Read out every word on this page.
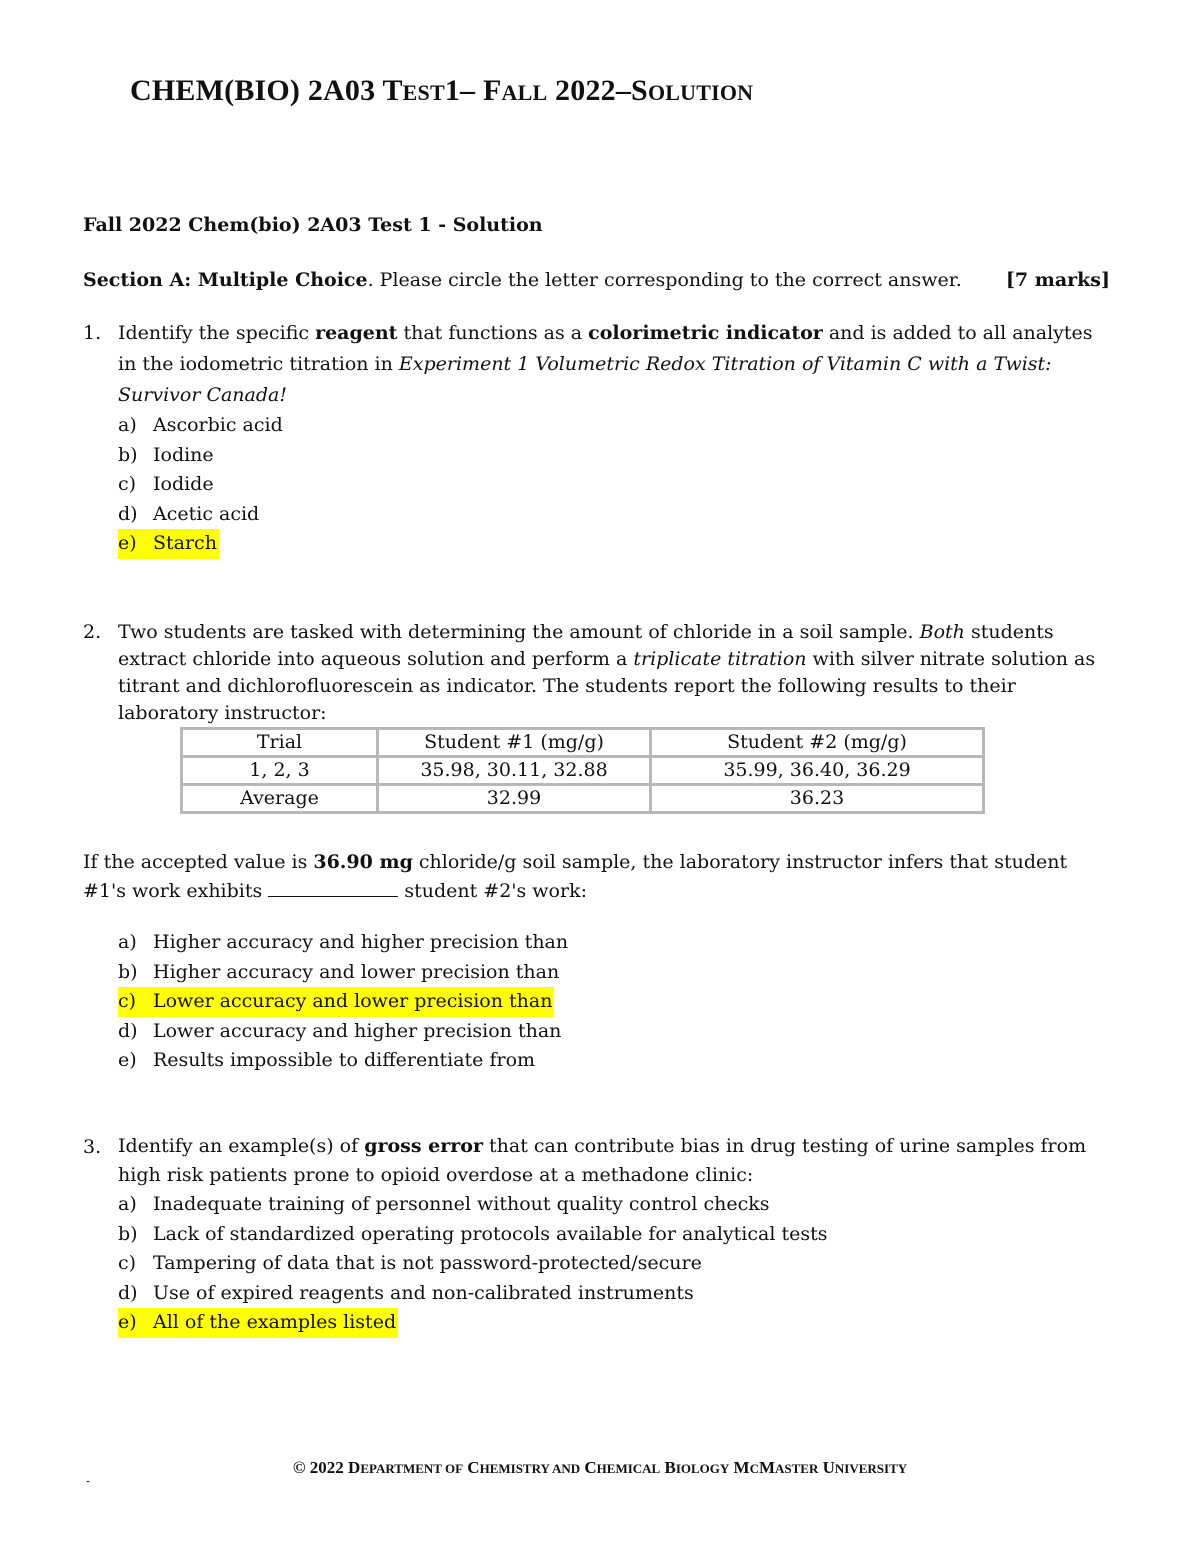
CHEM(BIO) 2A03 TEST1– FALL 2022–SOLUTION
Fall 2022 Chem(bio) 2A03 Test 1 - Solution
Section A: Multiple Choice. Please circle the letter corresponding to the correct answer. [7 marks]
1. Identify the specific reagent that functions as a colorimetric indicator and is added to all analytes in the iodometric titration in Experiment 1 Volumetric Redox Titration of Vitamin C with a Twist: Survivor Canada!
a) Ascorbic acid
b) Iodine
c) Iodide
d) Acetic acid
e) Starch
2. Two students are tasked with determining the amount of chloride in a soil sample. Both students extract chloride into aqueous solution and perform a triplicate titration with silver nitrate solution as titrant and dichlorofluorescein as indicator. The students report the following results to their laboratory instructor:
Trial	Student #1 (mg/g)	Student #2 (mg/g)
1, 2, 3	35.98, 30.11, 32.88	35.99, 36.40, 36.29
Average	32.99	36.23
If the accepted value is 36.90 mg chloride/g soil sample, the laboratory instructor infers that student #1's work exhibits	student #2's work:
a) Higher accuracy and higher precision than
b) Higher accuracy and lower precision than
c) Lower accuracy and lower precision than
d) Lower accuracy and higher precision than
e) Results impossible to differentiate from
3. Identify an example(s) of gross error that can contribute bias in drug testing of urine samples from high risk patients prone to opioid overdose at a methadone clinic:
a) Inadequate training of personnel without quality control checks
b) Lack of standardized operating protocols available for analytical tests
c) Tampering of data that is not password-protected/secure
d) Use of expired reagents and non-calibrated instruments
e) All of the examples listed
© 2022 DEPARTMENT OF CHEMISTRY AND CHEMICAL BIOLOGY MCMASTER UNIVERSITY
-
